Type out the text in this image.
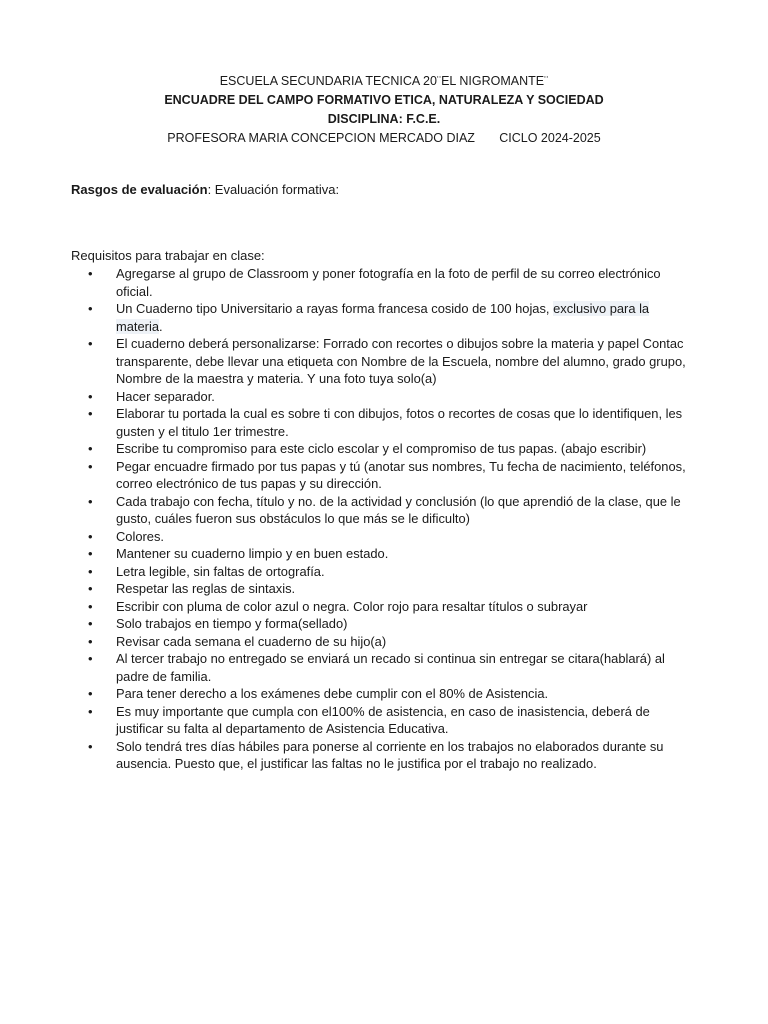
ESCUELA SECUNDARIA TECNICA 20¨EL NIGROMANTE¨
ENCUADRE DEL CAMPO FORMATIVO ETICA, NATURALEZA Y SOCIEDAD
DISCIPLINA: F.C.E.
PROFESORA MARIA CONCEPCION MERCADO DIAZ       CICLO 2024-2025
Rasgos de evaluación: Evaluación formativa:
Requisitos para trabajar en clase:
• Agregarse al grupo de Classroom y poner fotografía en la foto de perfil de su correo electrónico oficial.
• Un Cuaderno tipo Universitario a rayas forma francesa cosido de 100 hojas, exclusivo para la materia.
• El cuaderno deberá personalizarse: Forrado con recortes o dibujos sobre la materia y papel Contac transparente, debe llevar una etiqueta con Nombre de la Escuela, nombre del alumno, grado grupo, Nombre de la maestra y materia. Y una foto tuya solo(a)
• Hacer separador.
• Elaborar tu portada la cual es sobre ti con dibujos, fotos o recortes de cosas que lo identifiquen, les gusten y el titulo 1er trimestre.
• Escribe tu compromiso para este ciclo escolar y el compromiso de tus papas. (abajo escribir)
• Pegar encuadre firmado por tus papas y tú (anotar sus nombres, Tu fecha de nacimiento, teléfonos, correo electrónico de tus papas y su dirección.
• Cada trabajo con fecha, título y no. de la actividad y conclusión (lo que aprendió de la clase, que le gusto, cuáles fueron sus obstáculos lo que más se le dificulto)
• Colores.
• Mantener su cuaderno limpio y en buen estado.
• Letra legible, sin faltas de ortografía.
• Respetar las reglas de sintaxis.
• Escribir con pluma de color azul o negra. Color rojo para resaltar títulos o subrayar
• Solo trabajos en tiempo y forma(sellado)
• Revisar cada semana el cuaderno de su hijo(a)
• Al tercer trabajo no entregado se enviará un recado si continua sin entregar se citara(hablará) al padre de familia.
• Para tener derecho a los exámenes debe cumplir con el 80% de Asistencia.
• Es muy importante que cumpla con el100% de asistencia, en caso de inasistencia, deberá de justificar su falta al departamento de Asistencia Educativa.
• Solo tendrá tres días hábiles para ponerse al corriente en los trabajos no elaborados durante su ausencia. Puesto que, el justificar las faltas no le justifica por el trabajo no realizado.
